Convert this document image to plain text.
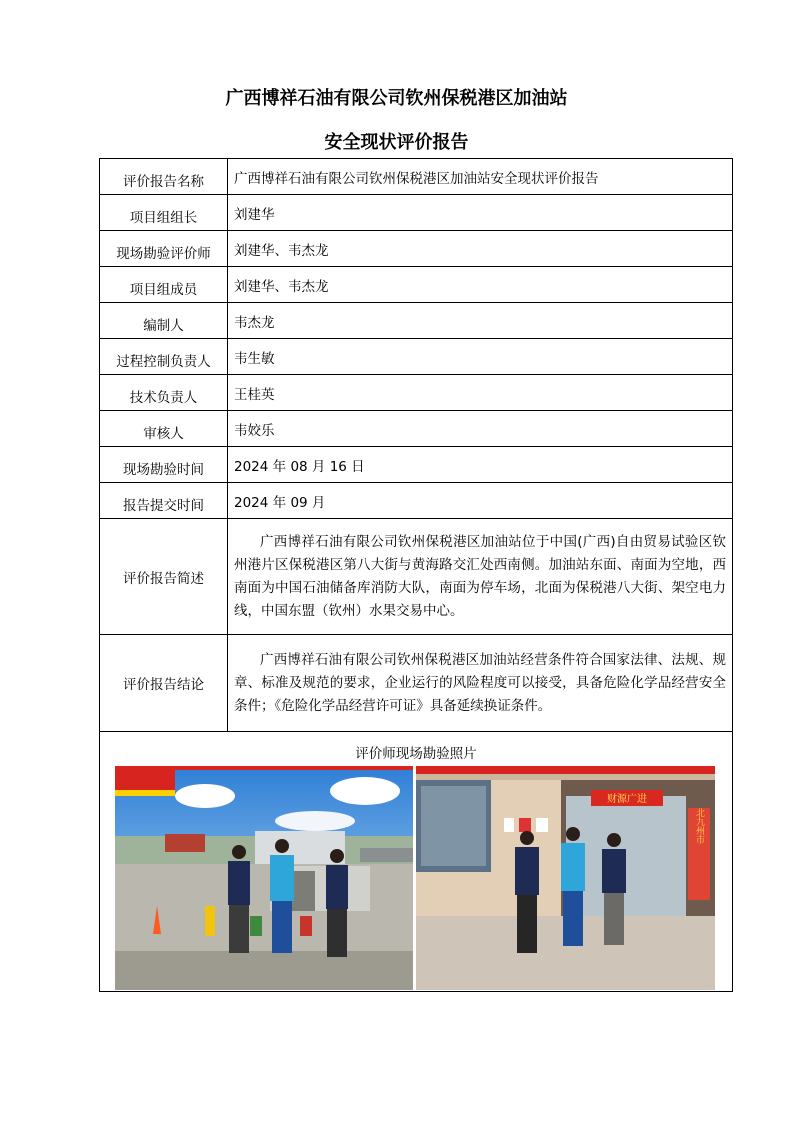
广西博祥石油有限公司钦州保税港区加油站
安全现状评价报告
评价报告名称	广西博祥石油有限公司钦州保税港区加油站安全现状评价报告
项目组组长	刘建华
现场勘验评价师	刘建华、韦杰龙
项目组成员	刘建华、韦杰龙
编制人	韦杰龙
过程控制负责人	韦生敏
技术负责人	王桂英
审核人	韦姣乐
现场勘验时间	2024 年 08 月 16 日
报告提交时间	2024 年 09 月
评价报告简述	广西博祥石油有限公司钦州保税港区加油站位于中国(广西)自由贸易试验区钦州港片区保税港区第八大街与黄海路交汇处西南侧。加油站东面、南面为空地，西南面为中国石油储备库消防大队，南面为停车场，北面为保税港八大街、架空电力线，中国东盟（钦州）水果交易中心。
评价报告结论	广西博祥石油有限公司钦州保税港区加油站经营条件符合国家法律、法规、规章、标准及规范的要求，企业运行的风险程度可以接受，具备危险化学品经营安全条件；《危险化学品经营许可证》具备延续换证条件。

评价师现场勘验照片
财源广进
北九州市	
